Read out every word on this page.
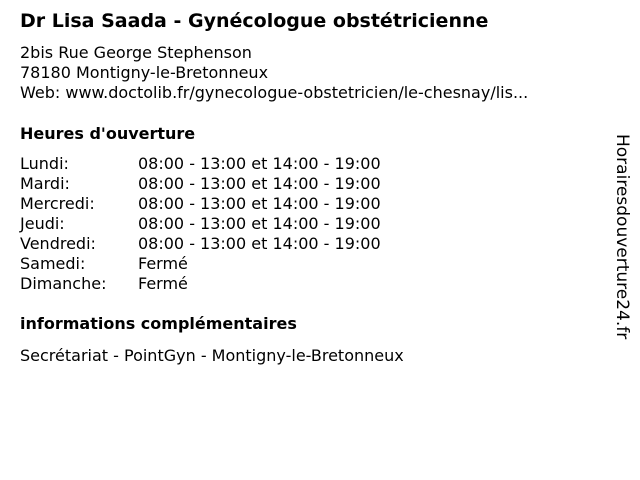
Dr Lisa Saada - Gynécologue obstétricienne
2bis Rue George Stephenson
78180 Montigny-le-Bretonneux
Web: www.doctolib.fr/gynecologue-obstetricien/le-chesnay/lis...
Heures d'ouverture
Lundi:	08:00 - 13:00 et 14:00 - 19:00
Mardi:	08:00 - 13:00 et 14:00 - 19:00
Mercredi:	08:00 - 13:00 et 14:00 - 19:00
Jeudi:	08:00 - 13:00 et 14:00 - 19:00
Vendredi:	08:00 - 13:00 et 14:00 - 19:00
Samedi:	Fermé
Dimanche: Fermé
informations complémentaires
Secrétariat - PointGyn - Montigny-le-Bretonneux
Horairesdouverture24.fr
